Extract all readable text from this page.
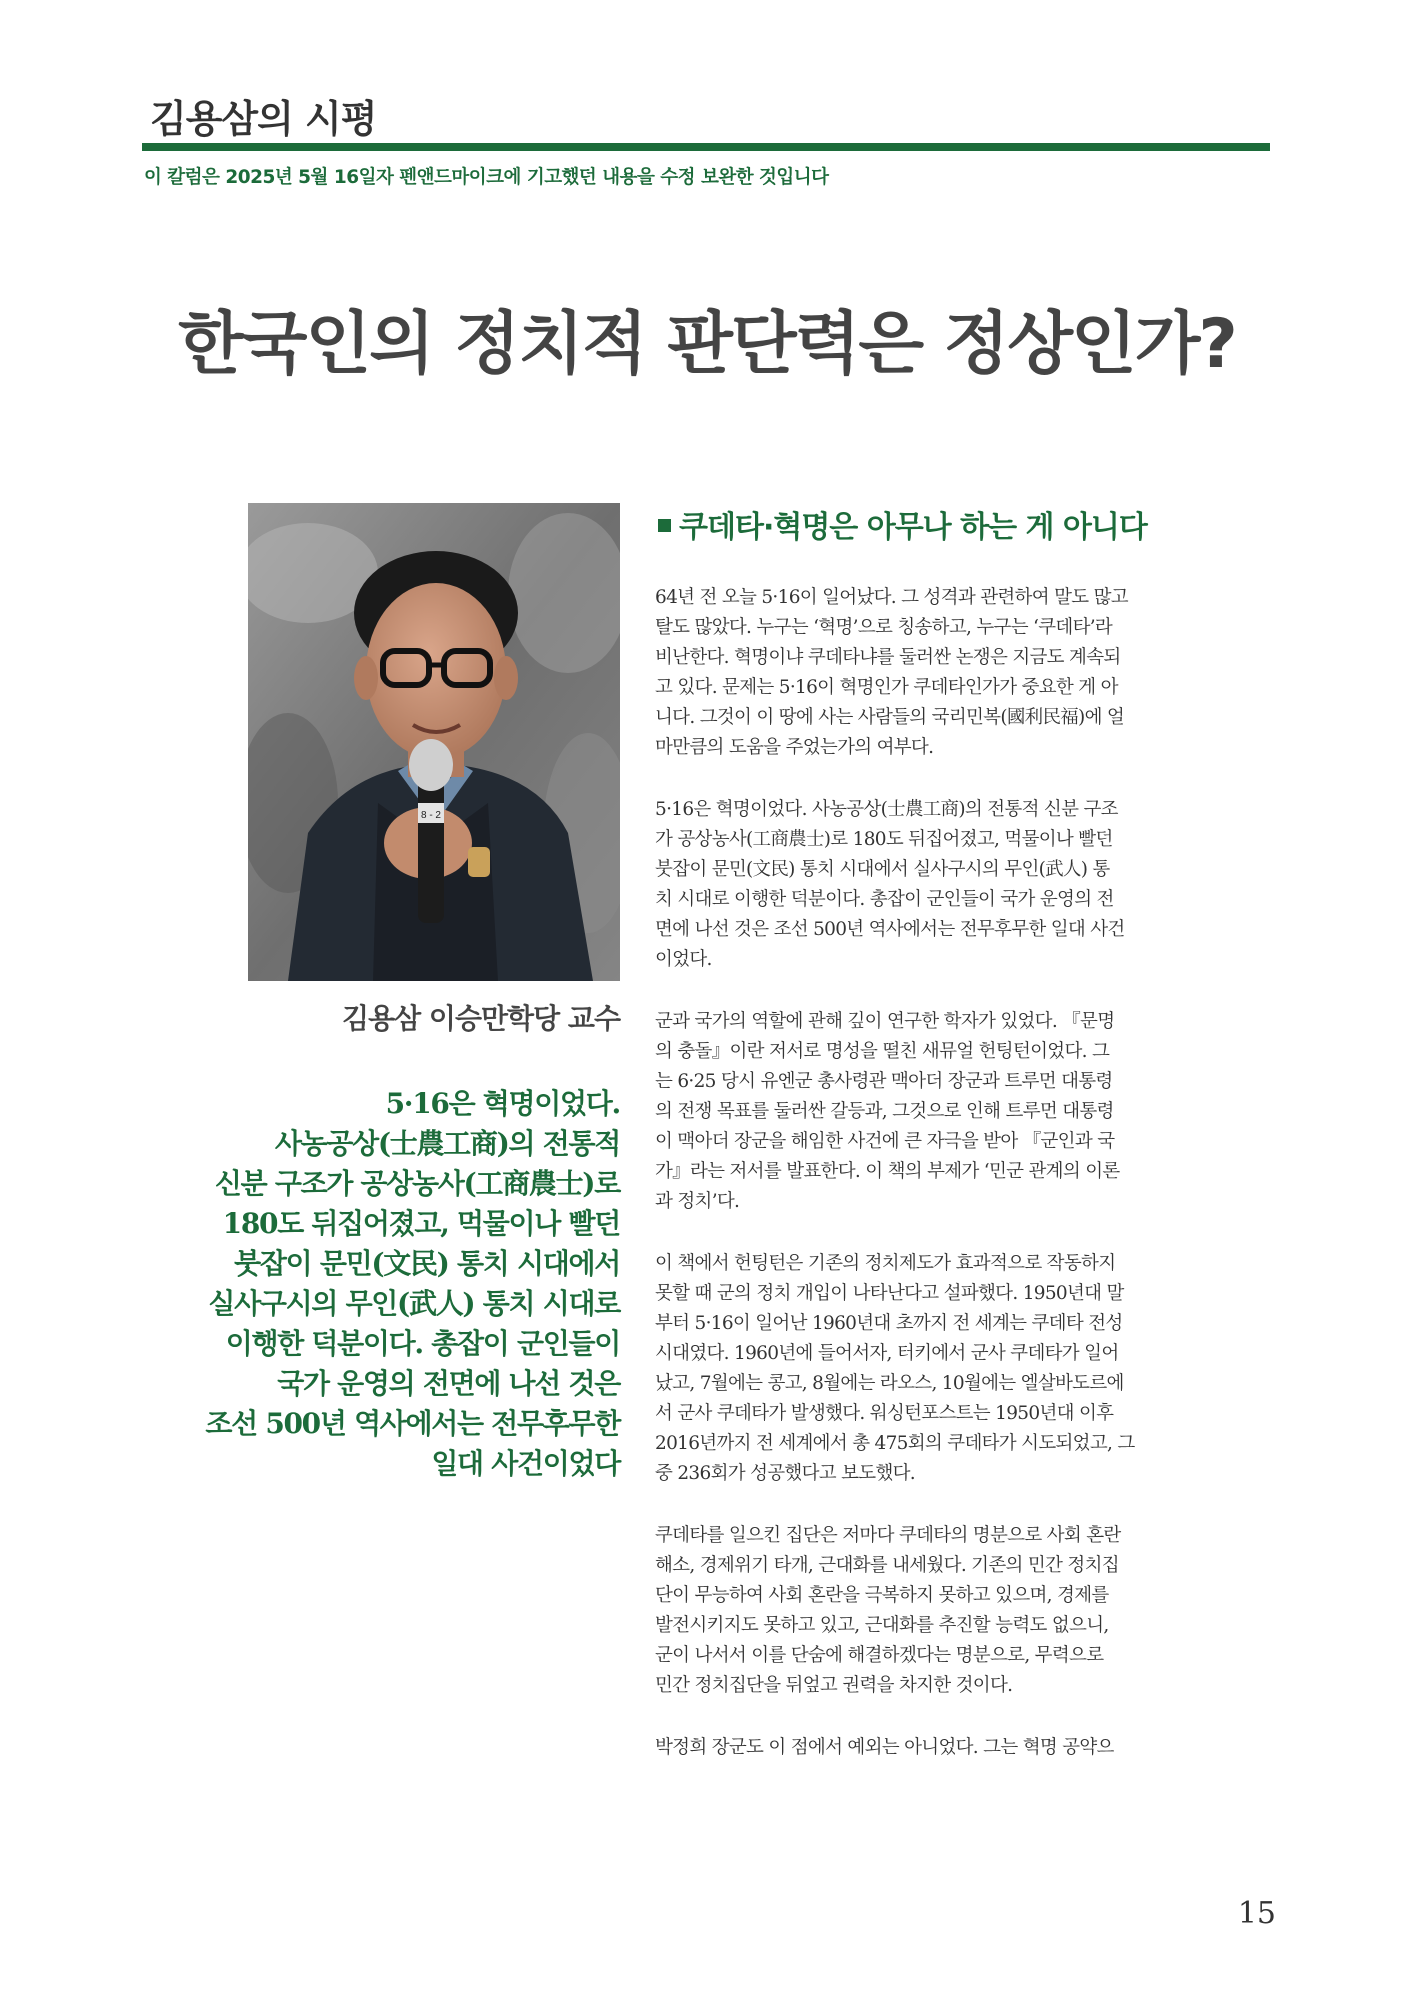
김용삼의 시평
이 칼럼은 2025년 5월 16일자 펜앤드마이크에 기고했던 내용을 수정 보완한 것입니다
한국인의 정치적 판단력은 정상인가?
8 - 2
김용삼 이승만학당 교수
5·16은 혁명이었다.
사농공상(士農工商)의 전통적
신분 구조가 공상농사(工商農士)로
180도 뒤집어졌고, 먹물이나 빨던
붓잡이 문민(文民) 통치 시대에서
실사구시의 무인(武人) 통치 시대로
이행한 덕분이다. 총잡이 군인들이
국가 운영의 전면에 나선 것은
조선 500년 역사에서는 전무후무한
일대 사건이었다
쿠데타·혁명은 아무나 하는 게 아니다
64년 전 오늘 5·16이 일어났다. 그 성격과 관련하여 말도 많고
탈도 많았다. 누구는 ‘혁명’으로 칭송하고, 누구는 ‘쿠데타’라
비난한다. 혁명이냐 쿠데타냐를 둘러싼 논쟁은 지금도 계속되
고 있다. 문제는 5·16이 혁명인가 쿠데타인가가 중요한 게 아
니다. 그것이 이 땅에 사는 사람들의 국리민복(國利民福)에 얼
마만큼의 도움을 주었는가의 여부다.
5·16은 혁명이었다. 사농공상(士農工商)의 전통적 신분 구조
가 공상농사(工商農士)로 180도 뒤집어졌고, 먹물이나 빨던
붓잡이 문민(文民) 통치 시대에서 실사구시의 무인(武人) 통
치 시대로 이행한 덕분이다. 총잡이 군인들이 국가 운영의 전
면에 나선 것은 조선 500년 역사에서는 전무후무한 일대 사건
이었다.
군과 국가의 역할에 관해 깊이 연구한 학자가 있었다. 『문명
의 충돌』이란 저서로 명성을 떨친 새뮤얼 헌팅턴이었다. 그
는 6·25 당시 유엔군 총사령관 맥아더 장군과 트루먼 대통령
의 전쟁 목표를 둘러싼 갈등과, 그것으로 인해 트루먼 대통령
이 맥아더 장군을 해임한 사건에 큰 자극을 받아 『군인과 국
가』라는 저서를 발표한다. 이 책의 부제가 ‘민군 관계의 이론
과 정치’다.
이 책에서 헌팅턴은 기존의 정치제도가 효과적으로 작동하지
못할 때 군의 정치 개입이 나타난다고 설파했다. 1950년대 말
부터 5·16이 일어난 1960년대 초까지 전 세계는 쿠데타 전성
시대였다. 1960년에 들어서자, 터키에서 군사 쿠데타가 일어
났고, 7월에는 콩고, 8월에는 라오스, 10월에는 엘살바도르에
서 군사 쿠데타가 발생했다. 워싱턴포스트는 1950년대 이후
2016년까지 전 세계에서 총 475회의 쿠데타가 시도되었고, 그
중 236회가 성공했다고 보도했다.
쿠데타를 일으킨 집단은 저마다 쿠데타의 명분으로 사회 혼란
해소, 경제위기 타개, 근대화를 내세웠다. 기존의 민간 정치집
단이 무능하여 사회 혼란을 극복하지 못하고 있으며, 경제를
발전시키지도 못하고 있고, 근대화를 추진할 능력도 없으니,
군이 나서서 이를 단숨에 해결하겠다는 명분으로, 무력으로
민간 정치집단을 뒤엎고 권력을 차지한 것이다.
박정희 장군도 이 점에서 예외는 아니었다. 그는 혁명 공약으
15
